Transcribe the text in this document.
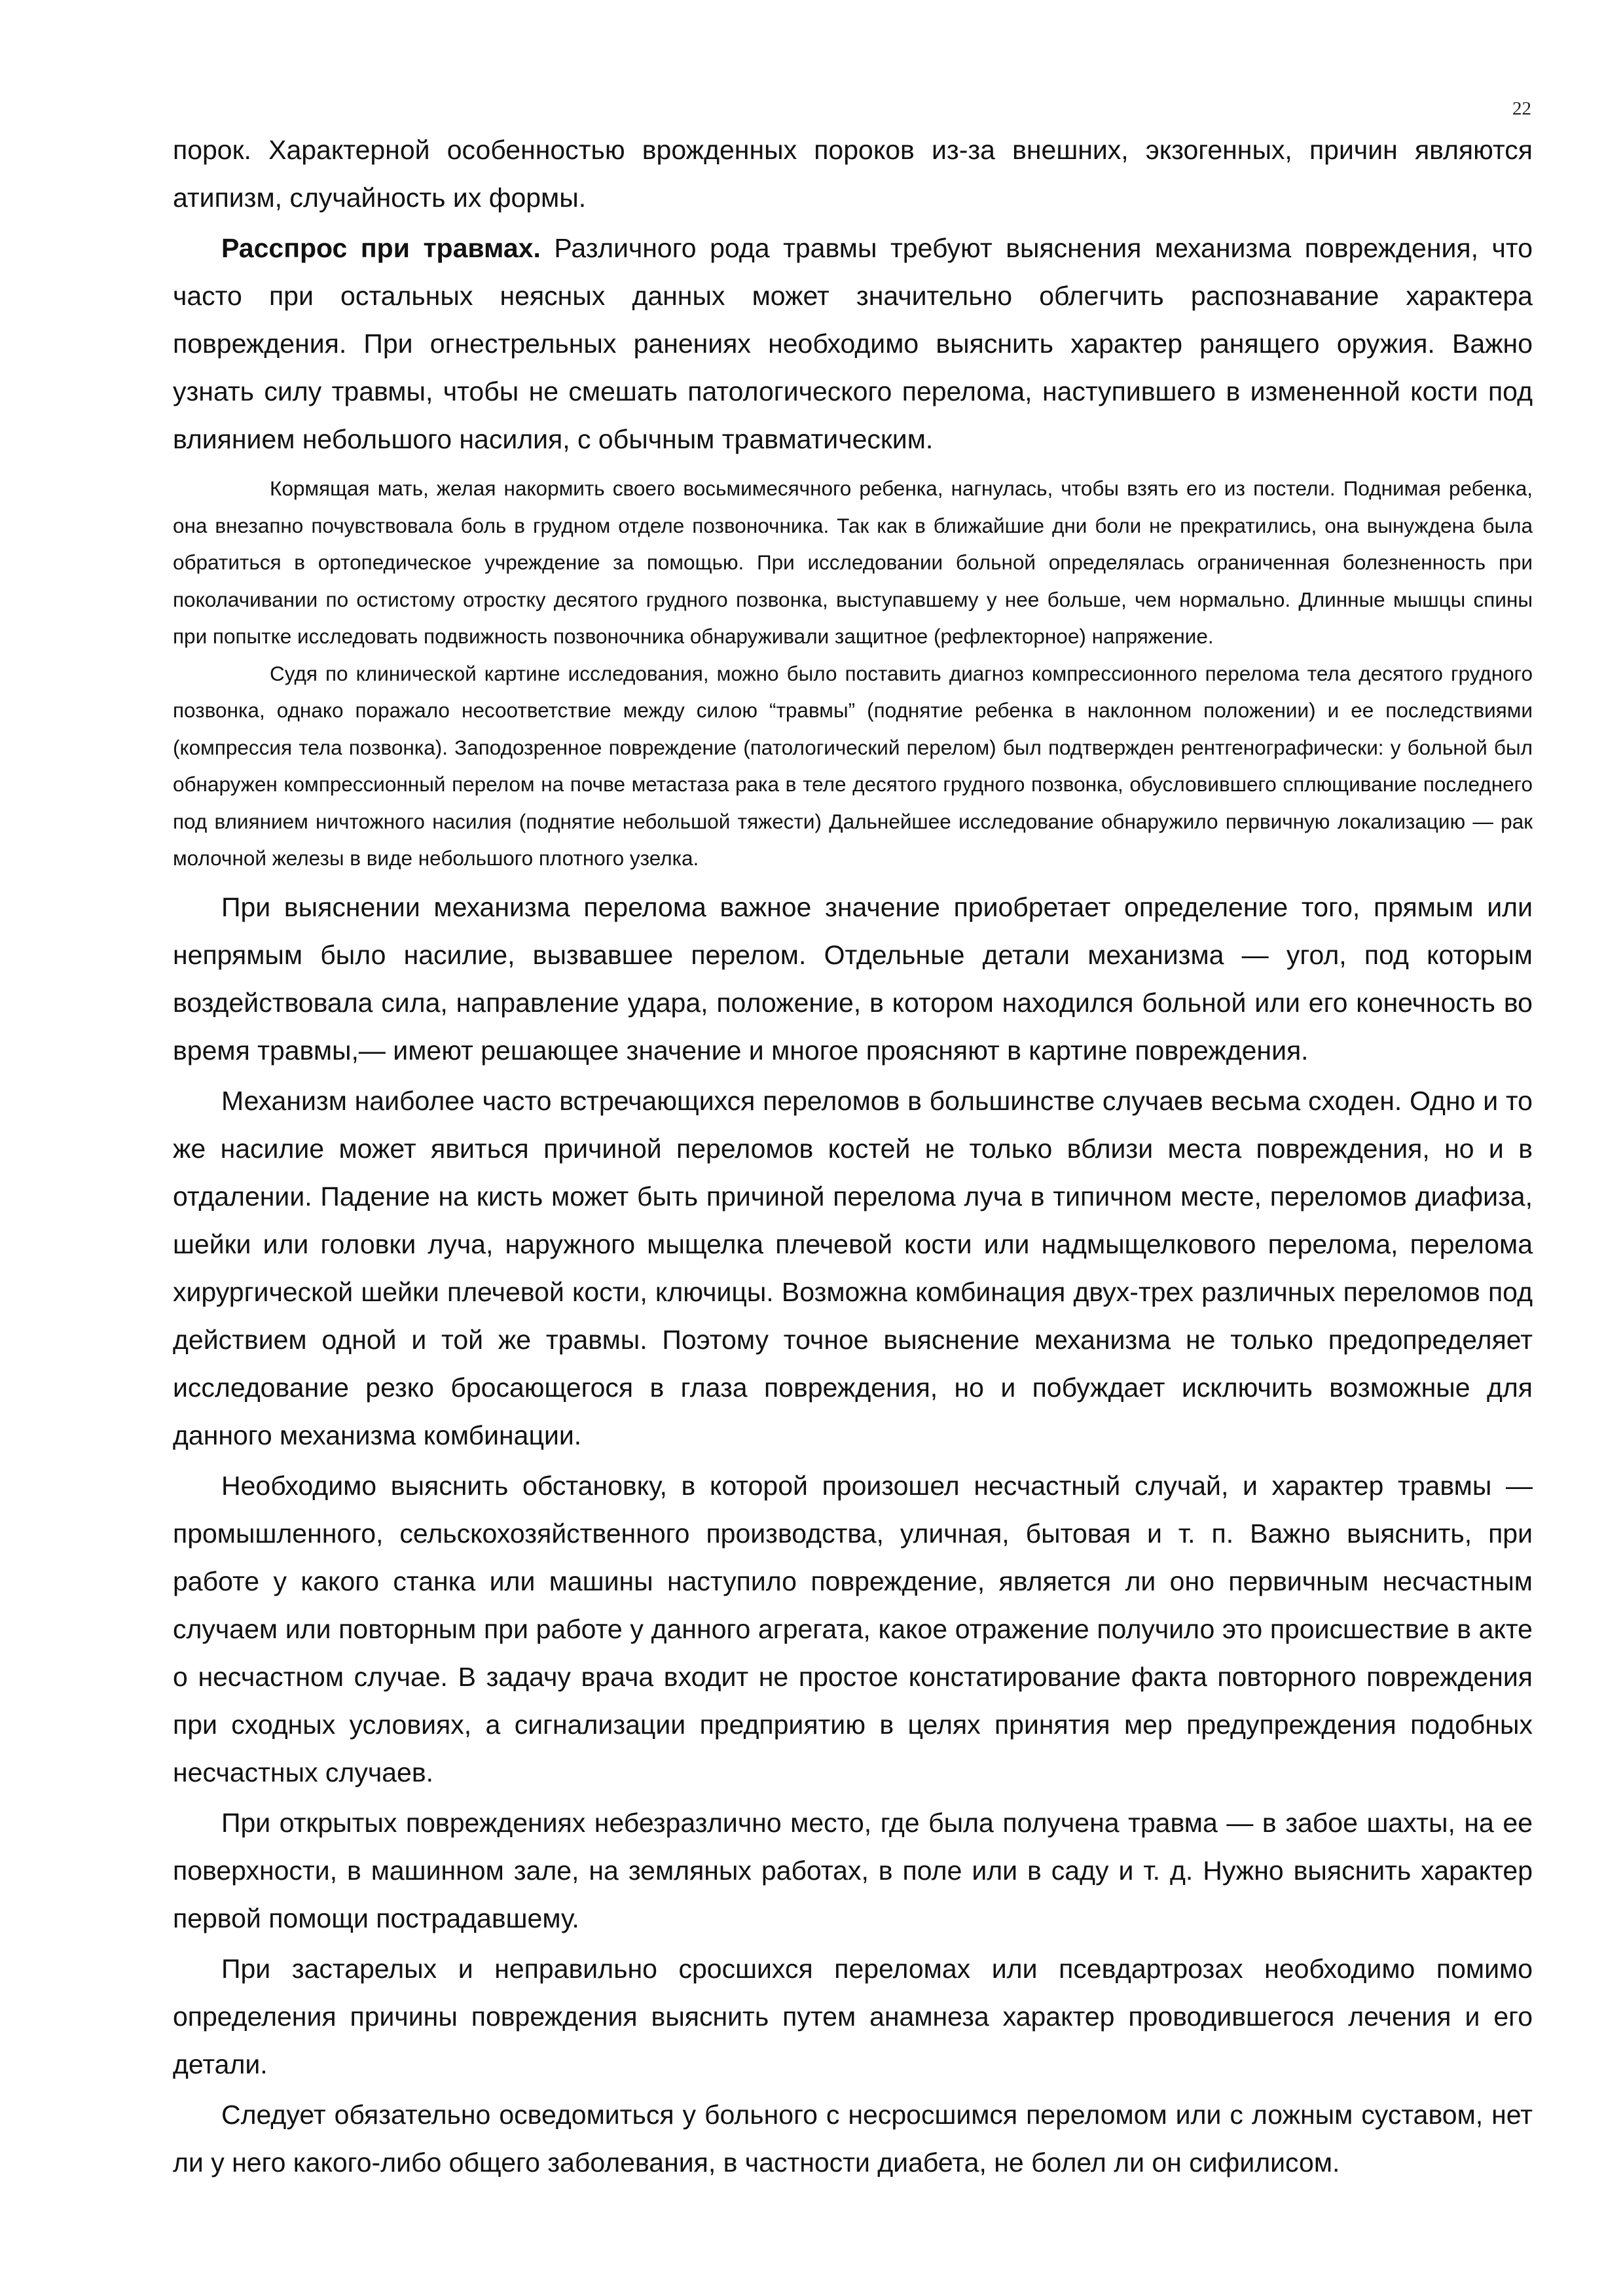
22

порок. Характерной особенностью врожденных пороков из-за внешних, экзогенных, причин являются атипизм, случайность их формы.

Расспрос при травмах. Различного рода травмы требуют выяснения механизма повреждения, что часто при остальных неясных данных может значительно облегчить распознавание характера повреждения. При огнестрельных ранениях необходимо выяснить характер ранящего оружия. Важно узнать силу травмы, чтобы не смешать патологического перелома, наступившего в измененной кости под влиянием небольшого насилия, с обычным травматическим.

Кормящая мать, желая накормить своего восьмимесячного ребенка, нагнулась, чтобы взять его из постели. Поднимая ребенка, она внезапно почувствовала боль в грудном отделе позвоночника. Так как в ближайшие дни боли не прекратились, она вынуждена была обратиться в ортопедическое учреждение за помощью. При исследовании больной определялась ограниченная болезненность при поколачивании по остистому отростку десятого грудного позвонка, выступавшему у нее больше, чем нормально. Длинные мышцы спины при попытке исследовать подвижность позвоночника обнаруживали защитное (рефлекторное) напряжение.

Судя по клинической картине исследования, можно было поставить диагноз компрессионного перелома тела десятого грудного позвонка, однако поражало несоответствие между силою “травмы” (поднятие ребенка в наклонном положении) и ее последствиями (компрессия тела позвонка). Заподозренное повреждение (патологический перелом) был подтвержден рентгенографически: у больной был обнаружен компрессионный перелом на почве метастаза рака в теле десятого грудного позвонка, обусловившего сплющивание последнего под влиянием ничтожного насилия (поднятие небольшой тяжести) Дальнейшее исследование обнаружило первичную локализацию — рак молочной железы в виде небольшого плотного узелка.

При выяснении механизма перелома важное значение приобретает определение того, прямым или непрямым было насилие, вызвавшее перелом. Отдельные детали механизма — угол, под которым воздействовала сила, направление удара, положение, в котором находился больной или его конечность во время травмы,— имеют решающее значение и многое проясняют в картине повреждения.

Механизм наиболее часто встречающихся переломов в большинстве случаев весьма сходен. Одно и то же насилие может явиться причиной переломов костей не только вблизи места повреждения, но и в отдалении. Падение на кисть может быть причиной перелома луча в типичном месте, переломов диафиза, шейки или головки луча, наружного мыщелка плечевой кости или надмыщелкового перелома, перелома хирургической шейки плечевой кости, ключицы. Возможна комбинация двух-трех различных переломов под действием одной и той же травмы. Поэтому точное выяснение механизма не только предопределяет исследование резко бросающегося в глаза повреждения, но и побуждает исключить возможные для данного механизма комбинации.

Необходимо выяснить обстановку, в которой произошел несчастный случай, и характер травмы — промышленного, сельскохозяйственного производства, уличная, бытовая и т. п. Важно выяснить, при работе у какого станка или машины наступило повреждение, является ли оно первичным несчастным случаем или повторным при работе у данного агрегата, какое отражение получило это происшествие в акте о несчастном случае. В задачу врача входит не простое констатирование факта повторного повреждения при сходных условиях, а сигнализации предприятию в целях принятия мер предупреждения подобных несчастных случаев.

При открытых повреждениях небезразлично место, где была получена травма — в забое шахты, на ее поверхности, в машинном зале, на земляных работах, в поле или в саду и т. д. Нужно выяснить характер первой помощи пострадавшему.

При застарелых и неправильно сросшихся переломах или псевдартрозах необходимо помимо определения причины повреждения выяснить путем анамнеза характер проводившегося лечения и его детали.

Следует обязательно осведомиться у больного с несросшимся переломом или с ложным суставом, нет ли у него какого-либо общего заболевания, в частности диабета, не болел ли он сифилисом.
